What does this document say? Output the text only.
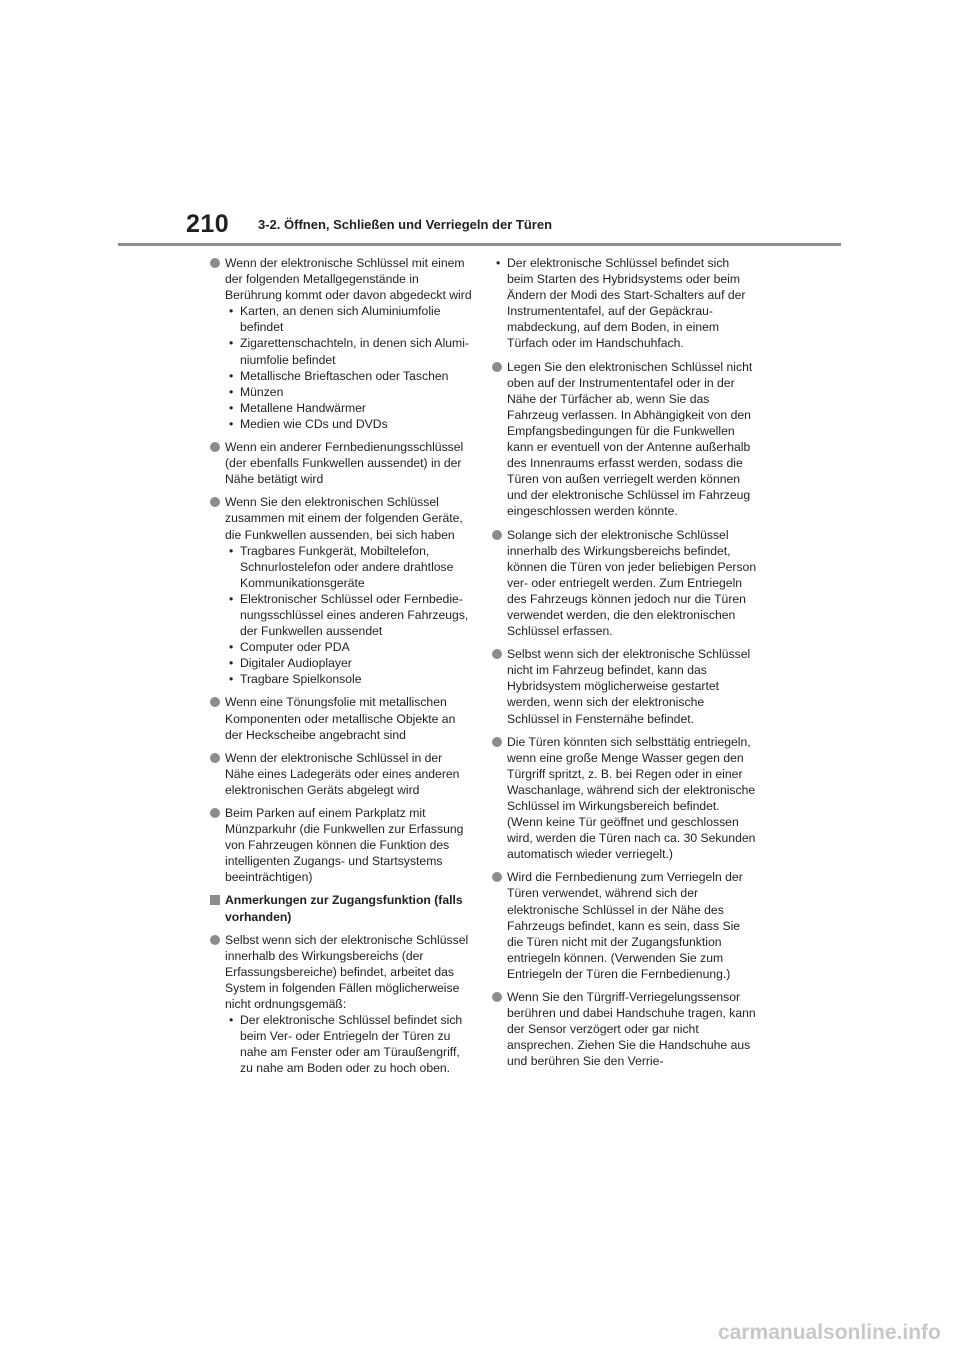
210 3-2. Öffnen, Schließen und Verriegeln der Türen
Wenn der elektronische Schlüssel mit einem der folgenden Metallgegenstände in Berührung kommt oder davon abgedeckt wird
• Karten, an denen sich Aluminiumfolie befindet
• Zigarettenschachteln, in denen sich Aluminiumfolie befindet
• Metallische Brieftaschen oder Taschen
• Münzen
• Metallene Handwärmer
• Medien wie CDs und DVDs
Wenn ein anderer Fernbedienungsschlüssel (der ebenfalls Funkwellen aussendet) in der Nähe betätigt wird
Wenn Sie den elektronischen Schlüssel zusammen mit einem der folgenden Geräte, die Funkwellen aussenden, bei sich haben
• Tragbares Funkgerät, Mobiltelefon, Schnurlostelefon oder andere drahtlose Kommunikationsgeräte
• Elektronischer Schlüssel oder Fernbedienungsschlüssel eines anderen Fahrzeugs, der Funkwellen aussendet
• Computer oder PDA
• Digitaler Audioplayer
• Tragbare Spielkonsole
Wenn eine Tönungsfolie mit metallischen Komponenten oder metallische Objekte an der Heckscheibe angebracht sind
Wenn der elektronische Schlüssel in der Nähe eines Ladegeräts oder eines anderen elektronischen Geräts abgelegt wird
Beim Parken auf einem Parkplatz mit Münzparkuhr (die Funkwellen zur Erfassung von Fahrzeugen können die Funktion des intelligenten Zugangs- und Startsystems beeinträchtigen)
Anmerkungen zur Zugangsfunktion (falls vorhanden)
Selbst wenn sich der elektronische Schlüssel innerhalb des Wirkungsbereichs (der Erfassungsbereiche) befindet, arbeitet das System in folgenden Fällen möglicherweise nicht ordnungsgemäß:
• Der elektronische Schlüssel befindet sich beim Ver- oder Entriegeln der Türen zu nahe am Fenster oder am Türaußengriff, zu nahe am Boden oder zu hoch oben.
• Der elektronische Schlüssel befindet sich beim Starten des Hybridsystems oder beim Ändern der Modi des Start-Schalters auf der Instrumententafel, auf der Gepäckraumabdeckung, auf dem Boden, in einem Türfach oder im Handschuhfach.
Legen Sie den elektronischen Schlüssel nicht oben auf der Instrumententafel oder in der Nähe der Türfächer ab, wenn Sie das Fahrzeug verlassen. In Abhängigkeit von den Empfangsbedingungen für die Funkwellen kann er eventuell von der Antenne außerhalb des Innenraums erfasst werden, sodass die Türen von außen verriegelt werden können und der elektronische Schlüssel im Fahrzeug eingeschlossen werden könnte.
Solange sich der elektronische Schlüssel innerhalb des Wirkungsbereichs befindet, können die Türen von jeder beliebigen Person ver- oder entriegelt werden. Zum Entriegeln des Fahrzeugs können jedoch nur die Türen verwendet werden, die den elektronischen Schlüssel erfassen.
Selbst wenn sich der elektronische Schlüssel nicht im Fahrzeug befindet, kann das Hybridsystem möglicherweise gestartet werden, wenn sich der elektronische Schlüssel in Fensternähe befindet.
Die Türen könnten sich selbsttätig entriegeln, wenn eine große Menge Wasser gegen den Türgriff spritzt, z. B. bei Regen oder in einer Waschanlage, während sich der elektronische Schlüssel im Wirkungsbereich befindet. (Wenn keine Tür geöffnet und geschlossen wird, werden die Türen nach ca. 30 Sekunden automatisch wieder verriegelt.)
Wird die Fernbedienung zum Verriegeln der Türen verwendet, während sich der elektronische Schlüssel in der Nähe des Fahrzeugs befindet, kann es sein, dass Sie die Türen nicht mit der Zugangsfunktion entriegeln können. (Verwenden Sie zum Entriegeln der Türen die Fernbedienung.)
Wenn Sie den Türgriff-Verriegelungssensor berühren und dabei Handschuhe tragen, kann der Sensor verzögert oder gar nicht ansprechen. Ziehen Sie die Handschuhe aus und berühren Sie den Verrie-
carmanualsonline.info
